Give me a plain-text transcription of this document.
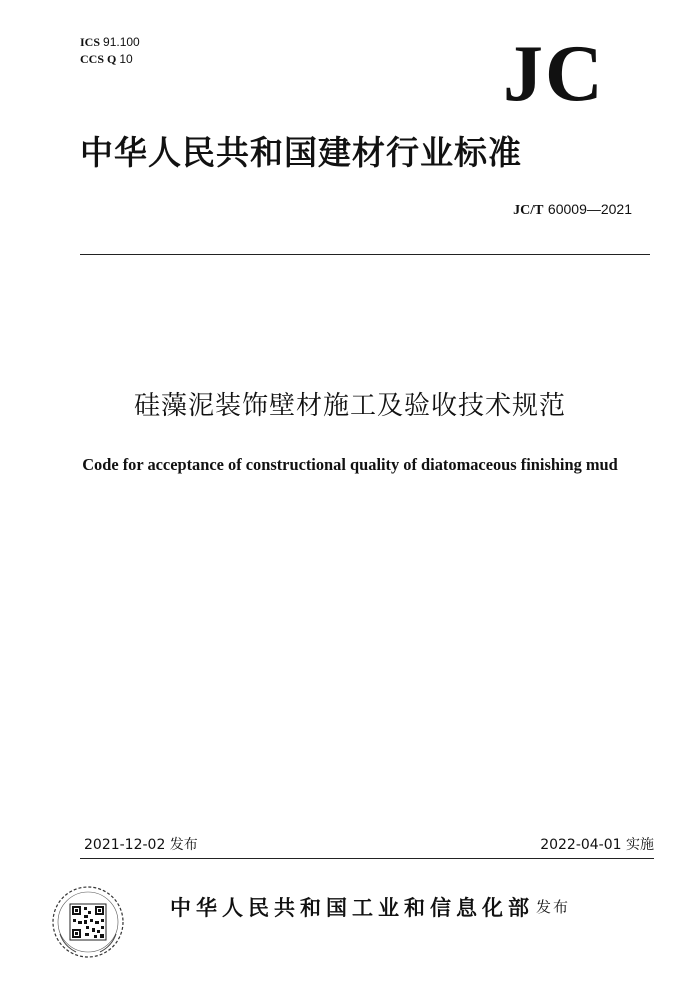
ICS 91.100
CCS Q 10	JC
中华人民共和国建材行业标准
JC/T 60009—2021
硅藻泥装饰壁材施工及验收技术规范
Code for acceptance of constructional quality of diatomaceous finishing mud
2021-12-02 发布	2022-04-01 实施
中华人民共和国工业和信息化部 发布
